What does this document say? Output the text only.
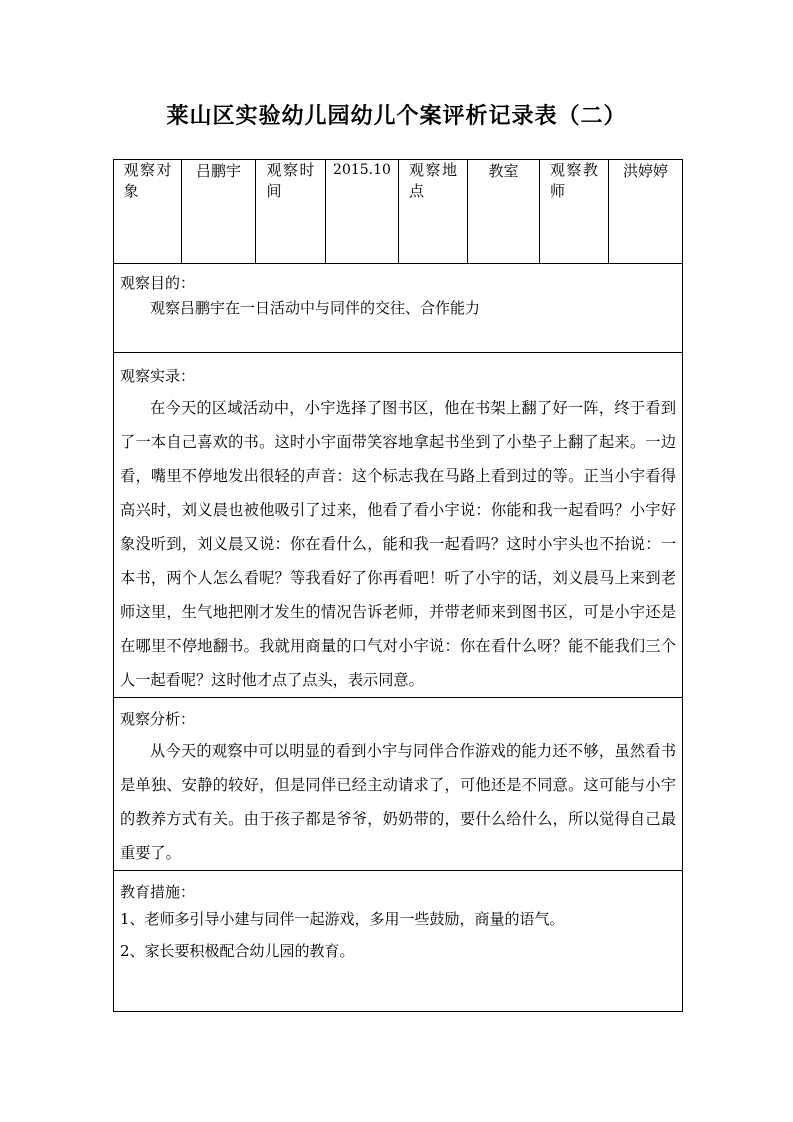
莱山区实验幼儿园幼儿个案评析记录表（二）
观察对象	吕鹏宇	观察时间	2015.10	观察地点	教室	观察教师	洪婷婷

观察目的：
观察吕鹏宇在一日活动中与同伴的交往、合作能力

观察实录：
在今天的区域活动中，小宇选择了图书区，他在书架上翻了好一阵，终于看到了一本自己喜欢的书。这时小宇面带笑容地拿起书坐到了小垫子上翻了起来。一边看，嘴里不停地发出很轻的声音：这个标志我在马路上看到过的等。正当小宇看得高兴时，刘义晨也被他吸引了过来，他看了看小宇说：你能和我一起看吗？小宇好象没听到，刘义晨又说：你在看什么，能和我一起看吗？这时小宇头也不抬说：一本书，两个人怎么看呢？等我看好了你再看吧！听了小宇的话，刘义晨马上来到老师这里，生气地把刚才发生的情况告诉老师，并带老师来到图书区，可是小宇还是在哪里不停地翻书。我就用商量的口气对小宇说：你在看什么呀？能不能我们三个人一起看呢？这时他才点了点头，表示同意。

观察分析：
从今天的观察中可以明显的看到小宇与同伴合作游戏的能力还不够，虽然看书是单独、安静的较好，但是同伴已经主动请求了，可他还是不同意。这可能与小宇的教养方式有关。由于孩子都是爷爷，奶奶带的，要什么给什么，所以觉得自己最重要了。

教育措施：
1、老师多引导小建与同伴一起游戏，多用一些鼓励，商量的语气。
2、家长要积极配合幼儿园的教育。
